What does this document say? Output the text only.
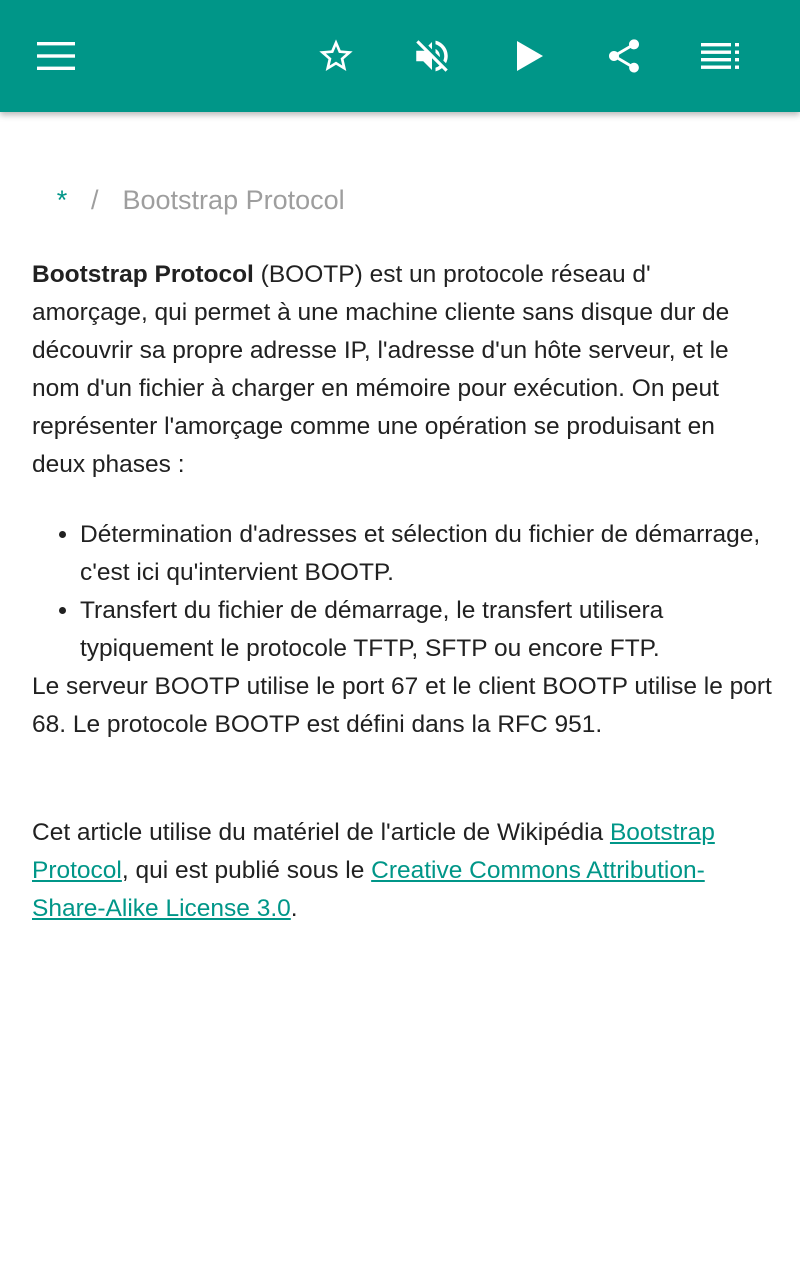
* / Bootstrap Protocol

Bootstrap Protocol (BOOTP) est un protocole réseau d' amorçage, qui permet à une machine cliente sans disque dur de découvrir sa propre adresse IP, l'adresse d'un hôte serveur, et le nom d'un fichier à charger en mémoire pour exécution. On peut représenter l'amorçage comme une opération se produisant en deux phases :

• Détermination d'adresses et sélection du fichier de démarrage, c'est ici qu'intervient BOOTP.
• Transfert du fichier de démarrage, le transfert utilisera typiquement le protocole TFTP, SFTP ou encore FTP.

Le serveur BOOTP utilise le port 67 et le client BOOTP utilise le port 68. Le protocole BOOTP est défini dans la RFC 951.

Cet article utilise du matériel de l'article de Wikipédia Bootstrap Protocol, qui est publié sous le Creative Commons Attribution-Share-Alike License 3.0.
